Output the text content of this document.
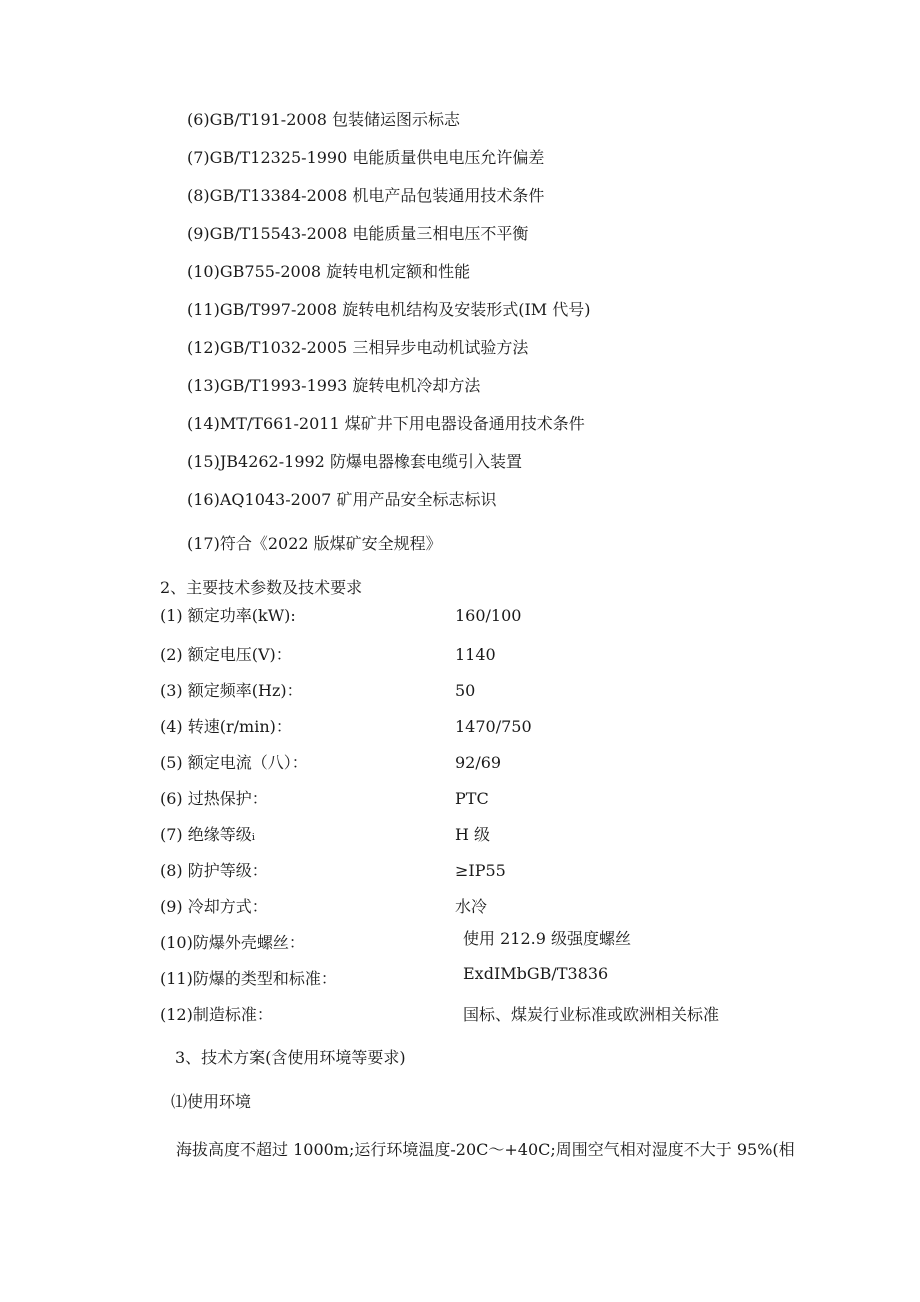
(6)GB/T191-2008 包装储运图示标志
(7)GB/T12325-1990 电能质量供电电压允许偏差
(8)GB/T13384-2008 机电产品包装通用技术条件
(9)GB/T15543-2008 电能质量三相电压不平衡
(10)GB755-2008 旋转电机定额和性能
(11)GB/T997-2008 旋转电机结构及安装形式(IM 代号)
(12)GB/T1032-2005 三相异步电动机试验方法
(13)GB/T1993-1993 旋转电机冷却方法
(14)MT/T661-2011 煤矿井下用电器设备通用技术条件
(15)JB4262-1992 防爆电器橡套电缆引入装置
(16)AQ1043-2007 矿用产品安全标志标识
(17)符合《2022 版煤矿安全规程》
2、主要技术参数及技术要求
(1) 额定功率(kW):	160/100
(2) 额定电压(V)：	1140
(3) 额定频率(Hz)：	50
(4) 转速(r/min)：	1470/750
(5) 额定电流（八）：	92/69
(6) 过热保护：	PTC
(7) 绝缘等级ᵢ	H 级
(8) 防护等级：	≥IP55
(9) 冷却方式：	水冷
(10)防爆外壳螺丝：	使用 212.9 级强度螺丝
(11)防爆的类型和标准：	ExdIMbGB/T3836
(12)制造标准：	国标、煤炭行业标准或欧洲相关标准
3、技术方案(含使用环境等要求)
⑴使用环境
海拔高度不超过 1000m;运行环境温度-20C～+40C;周围空气相对湿度不大于 95%(相
